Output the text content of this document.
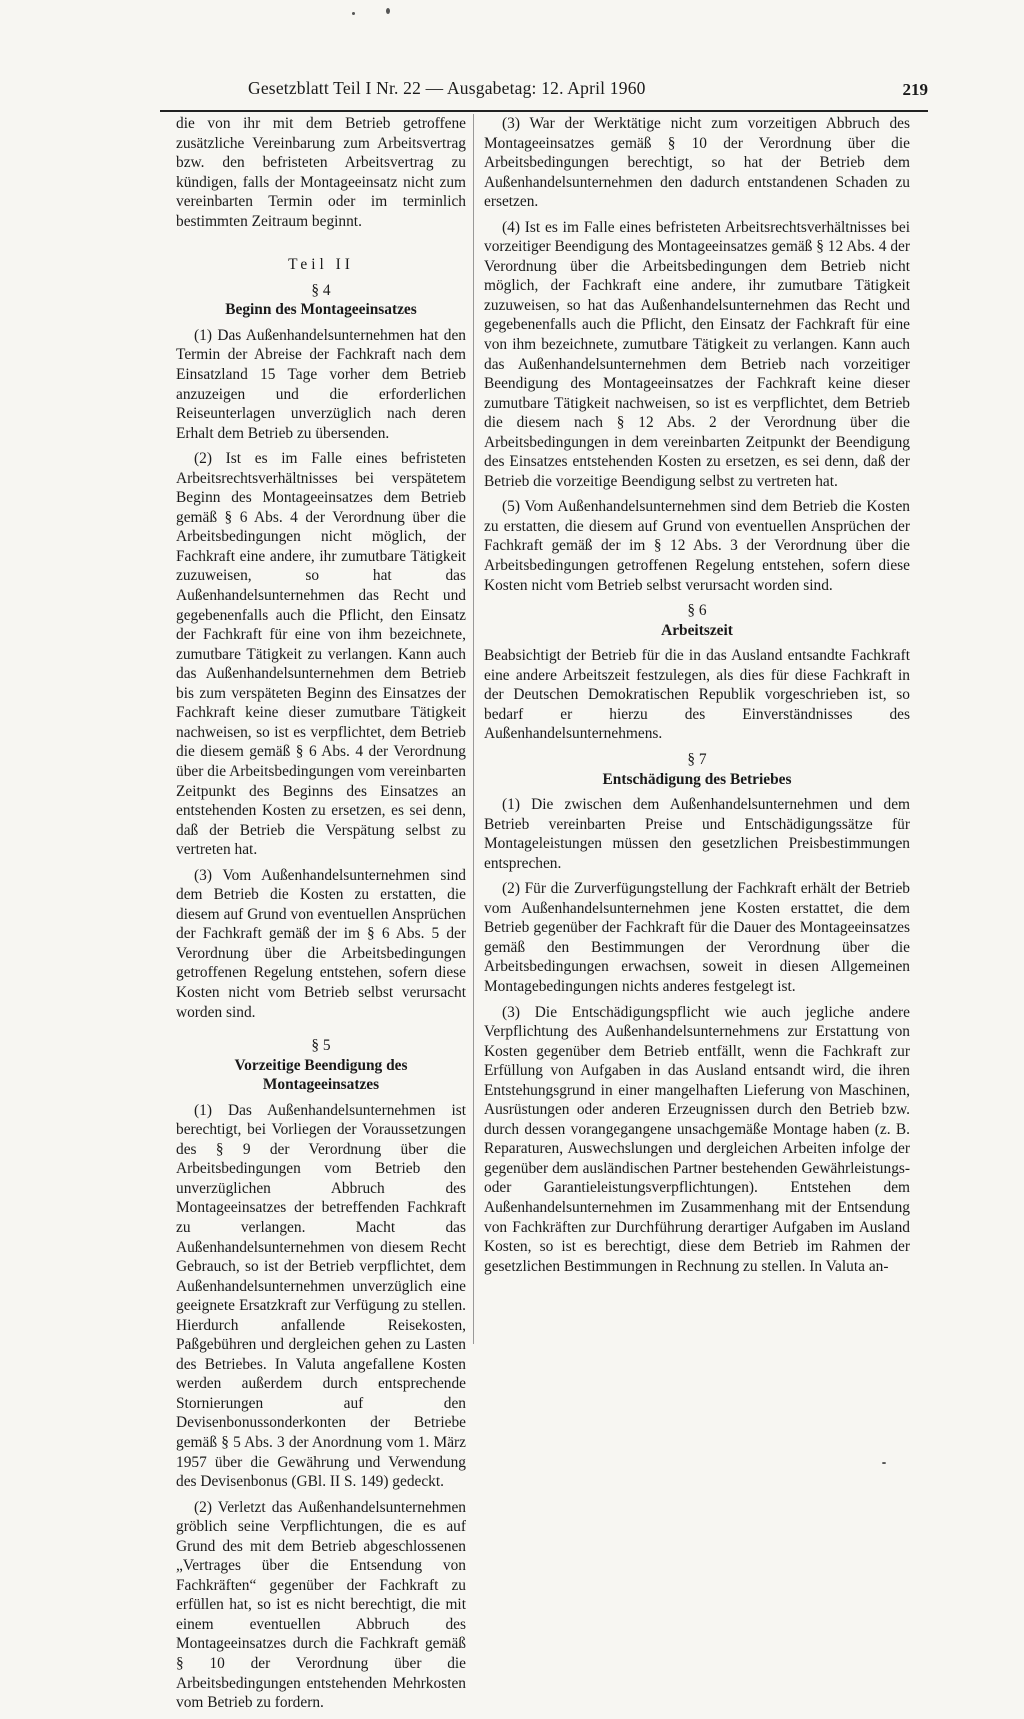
Gesetzblatt Teil I Nr. 22 — Ausgabetag: 12. April 1960	219

die von ihr mit dem Betrieb getroffene zusätzliche Vereinbarung zum Arbeitsvertrag bzw. den befristeten Arbeitsvertrag zu kündigen, falls der Montageeinsatz nicht zum vereinbarten Termin oder im terminlich bestimmten Zeitraum beginnt.

Teil II

§ 4

Beginn des Montageeinsatzes

(1) Das Außenhandelsunternehmen hat den Termin der Abreise der Fachkraft nach dem Einsatzland 15 Tage vorher dem Betrieb anzuzeigen und die erforderlichen Reiseunterlagen unverzüglich nach deren Erhalt dem Betrieb zu übersenden.

(2) Ist es im Falle eines befristeten Arbeitsrechtsverhältnisses bei verspätetem Beginn des Montageeinsatzes dem Betrieb gemäß § 6 Abs. 4 der Verordnung über die Arbeitsbedingungen nicht möglich, der Fachkraft eine andere, ihr zumutbare Tätigkeit zuzuweisen, so hat das Außenhandelsunternehmen das Recht und gegebenenfalls auch die Pflicht, den Einsatz der Fachkraft für eine von ihm bezeichnete, zumutbare Tätigkeit zu verlangen. Kann auch das Außenhandelsunternehmen dem Betrieb bis zum verspäteten Beginn des Einsatzes der Fachkraft keine dieser zumutbare Tätigkeit nachweisen, so ist es verpflichtet, dem Betrieb die diesem gemäß § 6 Abs. 4 der Verordnung über die Arbeitsbedingungen vom vereinbarten Zeitpunkt des Beginns des Einsatzes an entstehenden Kosten zu ersetzen, es sei denn, daß der Betrieb die Verspätung selbst zu vertreten hat.

(3) Vom Außenhandelsunternehmen sind dem Betrieb die Kosten zu erstatten, die diesem auf Grund von eventuellen Ansprüchen der Fachkraft gemäß der im § 6 Abs. 5 der Verordnung über die Arbeitsbedingungen getroffenen Regelung entstehen, sofern diese Kosten nicht vom Betrieb selbst verursacht worden sind.

§ 5

Vorzeitige Beendigung des Montageeinsatzes

(1) Das Außenhandelsunternehmen ist berechtigt, bei Vorliegen der Voraussetzungen des § 9 der Verordnung über die Arbeitsbedingungen vom Betrieb den unverzüglichen Abbruch des Montageeinsatzes der betreffenden Fachkraft zu verlangen. Macht das Außenhandelsunternehmen von diesem Recht Gebrauch, so ist der Betrieb verpflichtet, dem Außenhandelsunternehmen unverzüglich eine geeignete Ersatzkraft zur Verfügung zu stellen. Hierdurch anfallende Reisekosten, Paßgebühren und dergleichen gehen zu Lasten des Betriebes. In Valuta angefallene Kosten werden außerdem durch entsprechende Stornierungen auf den Devisenbonussonderkonten der Betriebe gemäß § 5 Abs. 3 der Anordnung vom 1. März 1957 über die Gewährung und Verwendung des Devisenbonus (GBl. II S. 149) gedeckt.

(2) Verletzt das Außenhandelsunternehmen gröblich seine Verpflichtungen, die es auf Grund des mit dem Betrieb abgeschlossenen „Vertrages über die Entsendung von Fachkräften“ gegenüber der Fachkraft zu erfüllen hat, so ist es nicht berechtigt, die mit einem eventuellen Abbruch des Montageeinsatzes durch die Fachkraft gemäß § 10 der Verordnung über die Arbeitsbedingungen entstehenden Mehrkosten vom Betrieb zu fordern.

(3) War der Werktätige nicht zum vorzeitigen Abbruch des Montageeinsatzes gemäß § 10 der Verordnung über die Arbeitsbedingungen berechtigt, so hat der Betrieb dem Außenhandelsunternehmen den dadurch entstandenen Schaden zu ersetzen.

(4) Ist es im Falle eines befristeten Arbeitsrechtsverhältnisses bei vorzeitiger Beendigung des Montageeinsatzes gemäß § 12 Abs. 4 der Verordnung über die Arbeitsbedingungen dem Betrieb nicht möglich, der Fachkraft eine andere, ihr zumutbare Tätigkeit zuzuweisen, so hat das Außenhandelsunternehmen das Recht und gegebenenfalls auch die Pflicht, den Einsatz der Fachkraft für eine von ihm bezeichnete, zumutbare Tätigkeit zu verlangen. Kann auch das Außenhandelsunternehmen dem Betrieb nach vorzeitiger Beendigung des Montageeinsatzes der Fachkraft keine dieser zumutbare Tätigkeit nachweisen, so ist es verpflichtet, dem Betrieb die diesem nach § 12 Abs. 2 der Verordnung über die Arbeitsbedingungen in dem vereinbarten Zeitpunkt der Beendigung des Einsatzes entstehenden Kosten zu ersetzen, es sei denn, daß der Betrieb die vorzeitige Beendigung selbst zu vertreten hat.

(5) Vom Außenhandelsunternehmen sind dem Betrieb die Kosten zu erstatten, die diesem auf Grund von eventuellen Ansprüchen der Fachkraft gemäß der im § 12 Abs. 3 der Verordnung über die Arbeitsbedingungen getroffenen Regelung entstehen, sofern diese Kosten nicht vom Betrieb selbst verursacht worden sind.

§ 6

Arbeitszeit

Beabsichtigt der Betrieb für die in das Ausland entsandte Fachkraft eine andere Arbeitszeit festzulegen, als dies für diese Fachkraft in der Deutschen Demokratischen Republik vorgeschrieben ist, so bedarf er hierzu des Einverständnisses des Außenhandelsunternehmens.

§ 7

Entschädigung des Betriebes

(1) Die zwischen dem Außenhandelsunternehmen und dem Betrieb vereinbarten Preise und Entschädigungssätze für Montageleistungen müssen den gesetzlichen Preisbestimmungen entsprechen.

(2) Für die Zurverfügungstellung der Fachkraft erhält der Betrieb vom Außenhandelsunternehmen jene Kosten erstattet, die dem Betrieb gegenüber der Fachkraft für die Dauer des Montageeinsatzes gemäß den Bestimmungen der Verordnung über die Arbeitsbedingungen erwachsen, soweit in diesen Allgemeinen Montagebedingungen nichts anderes festgelegt ist.

(3) Die Entschädigungspflicht wie auch jegliche andere Verpflichtung des Außenhandelsunternehmens zur Erstattung von Kosten gegenüber dem Betrieb entfällt, wenn die Fachkraft zur Erfüllung von Aufgaben in das Ausland entsandt wird, die ihren Entstehungsgrund in einer mangelhaften Lieferung von Maschinen, Ausrüstungen oder anderen Erzeugnissen durch den Betrieb bzw. durch dessen vorangegangene unsachgemäße Montage haben (z. B. Reparaturen, Auswechslungen und dergleichen Arbeiten infolge der gegenüber dem ausländischen Partner bestehenden Gewährleistungs- oder Garantieleistungsverpflichtungen). Entstehen dem Außenhandelsunternehmen im Zusammenhang mit der Entsendung von Fachkräften zur Durchführung derartiger Aufgaben im Ausland Kosten, so ist es berechtigt, diese dem Betrieb im Rahmen der gesetzlichen Bestimmungen in Rechnung zu stellen. In Valuta an-
